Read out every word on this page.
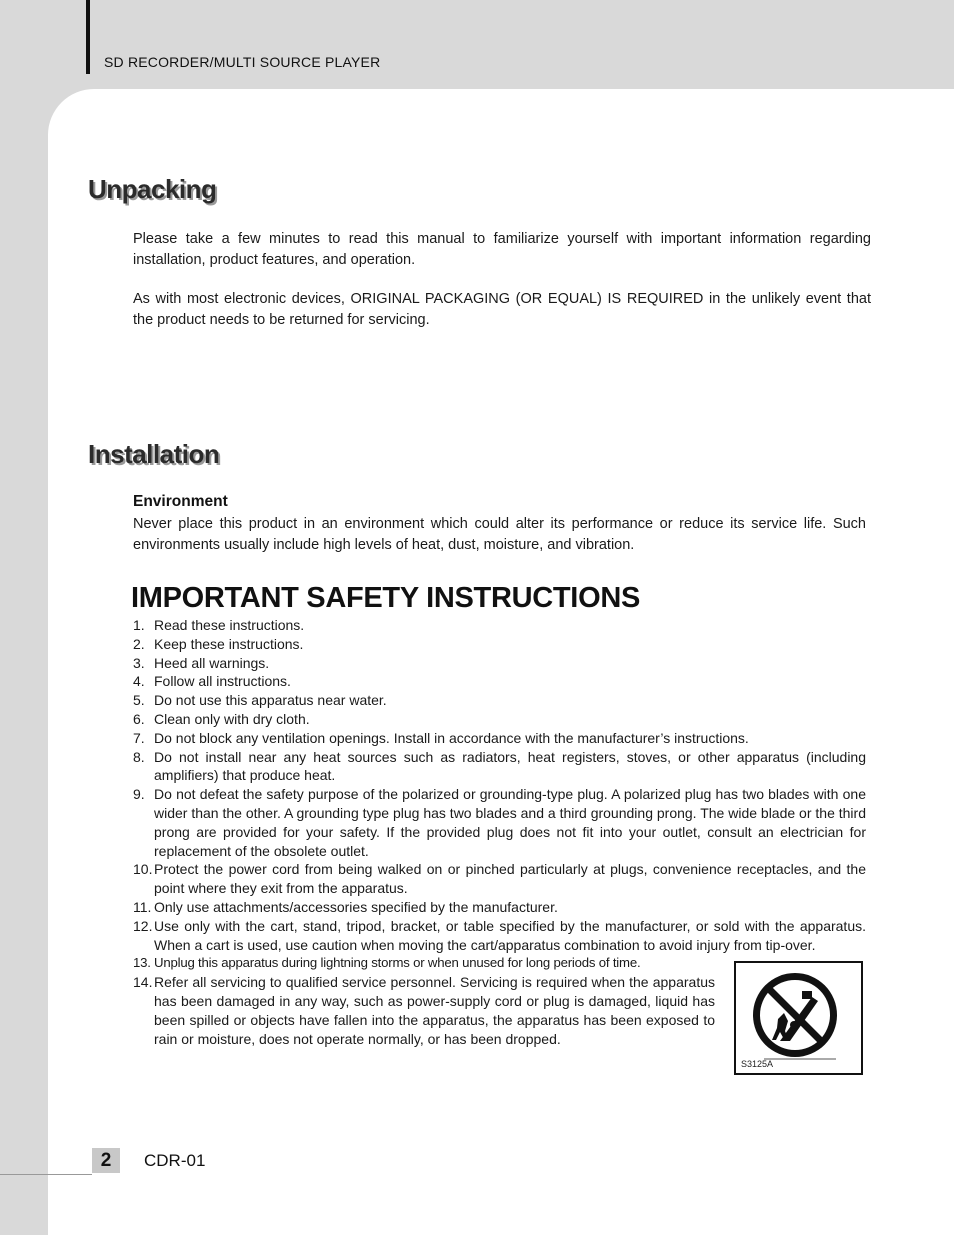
SD RECORDER/MULTI SOURCE PLAYER
Unpacking

Please take a few minutes to read this manual to familiarize yourself with important information regarding installation, product features, and operation.

As with most electronic devices, ORIGINAL PACKAGING (OR EQUAL) IS REQUIRED in the unlikely event that the product needs to be returned for servicing.

Installation
Environment

Never place this product in an environment which could alter its performance or reduce its service life. Such environments usually include high levels of heat, dust, moisture, and vibration.

IMPORTANT SAFETY INSTRUCTIONS
1. Read these instructions.
2. Keep these instructions.
3. Heed all warnings.
4. Follow all instructions.
5. Do not use this apparatus near water.
6. Clean only with dry cloth.
7. Do not block any ventilation openings. Install in accordance with the manufacturer’s instructions.
8. Do not install near any heat sources such as radiators, heat registers, stoves, or other apparatus (including amplifiers) that produce heat.
9. Do not defeat the safety purpose of the polarized or grounding-type plug. A polarized plug has two blades with one wider than the other. A grounding type plug has two blades and a third grounding prong. The wide blade or the third prong are provided for your safety. If the provided plug does not fit into your outlet, consult an electrician for replacement of the obsolete outlet.
10. Protect the power cord from being walked on or pinched particularly at plugs, convenience receptacles, and the point where they exit from the apparatus.
11. Only use attachments/accessories specified by the manufacturer.
12. Use only with the cart, stand, tripod, bracket, or table specified by the manufacturer, or sold with the apparatus. When a cart is used, use caution when moving the cart/apparatus combination to avoid injury from tip-over.
13. Unplug this apparatus during lightning storms or when unused for long periods of time.
14. Refer all servicing to qualified service personnel. Servicing is required when the apparatus has been damaged in any way, such as power-supply cord or plug is damaged, liquid has been spilled or objects have fallen into the apparatus, the apparatus has been exposed to rain or moisture, does not operate normally, or has been dropped.
S3125A
2	CDR-01
